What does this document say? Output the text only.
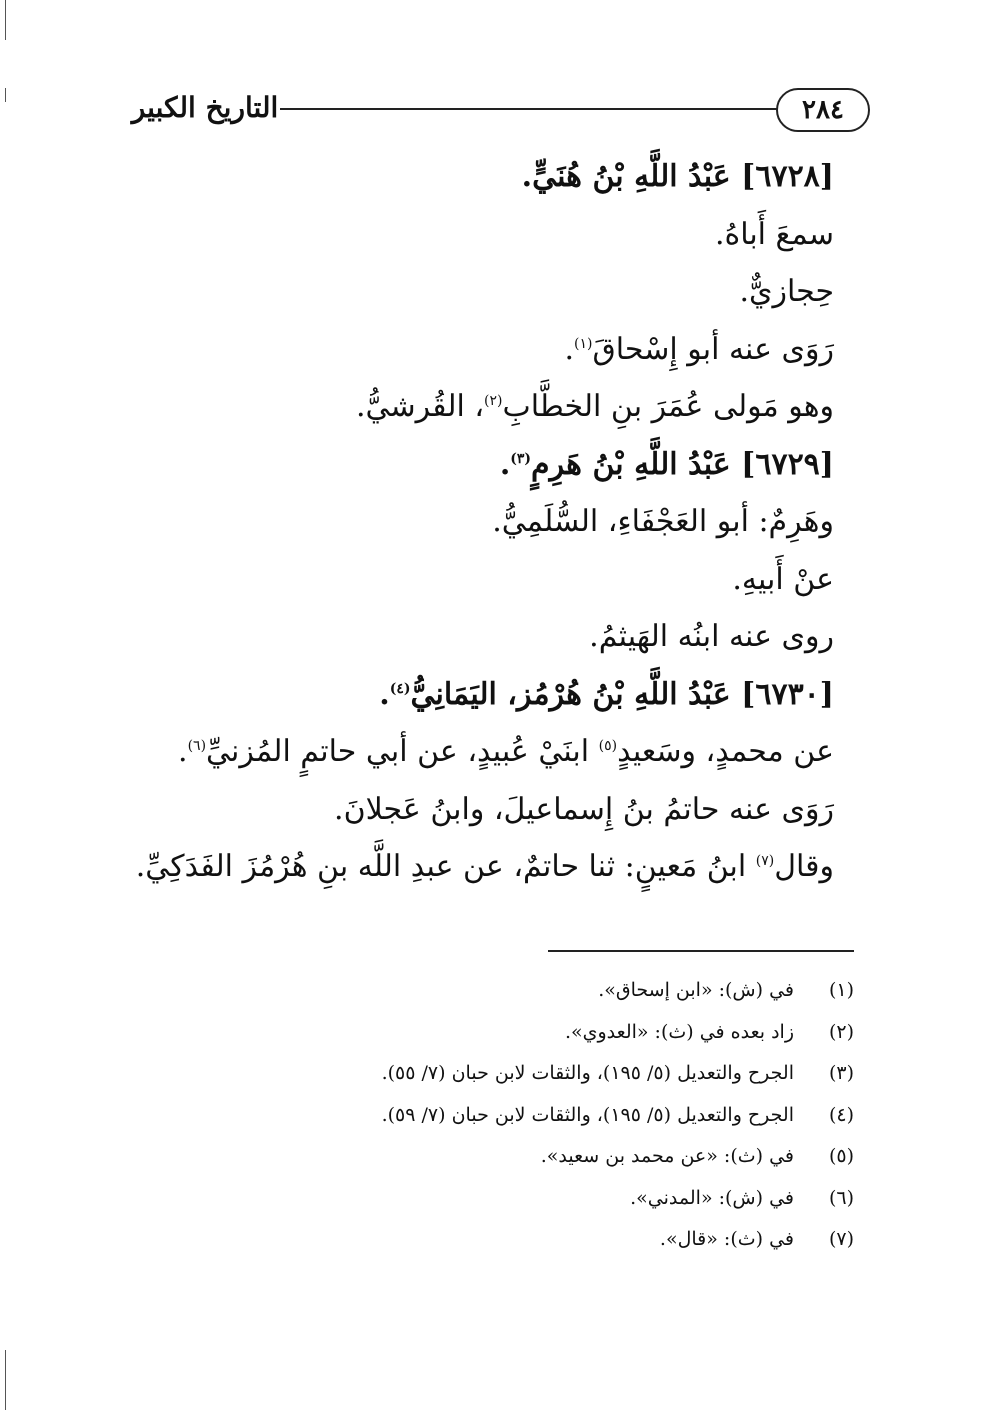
٢٨٤
التاريخ الكبير
[٦٧٢٨] عَبْدُ اللَّهِ بْنُ هُنَيٍّ.
سمعَ أَباهُ.
حِجازيٌّ.
رَوَى عنه أبو إِسْحاقَ$^{(١)}$.
وهو مَولى عُمَرَ بنِ الخطَّابِ$^{(٢)}$، القُرشيُّ.
[٦٧٢٩] عَبْدُ اللَّهِ بْنُ هَرِمٍ$^{(٣)}$.
وهَرِمٌ: أبو العَجْفَاءِ، السُّلَمِيُّ.
عنْ أَبيهِ.
روى عنه ابنُه الهَيثمُ.
[٦٧٣٠] عَبْدُ اللَّهِ بْنُ هُرْمُز، اليَمَانِيُّ$^{(٤)}$.
عن محمدٍ، وسَعيدٍ$^{(٥)}$ ابنَيْ عُبيدٍ، عن أبي حاتمٍ المُزنيِّ$^{(٦)}$.
رَوَى عنه حاتمُ بنُ إِسماعيلَ، وابنُ عَجلانَ.
وقال$^{(٧)}$ ابنُ مَعينٍ: ثنا حاتمٌ، عن عبدِ اللَّه بنِ هُرْمُزَ الفَدَكِيِّ.
(١)في (ش): «ابن إسحاق».
(٢)زاد بعده في (ث): «العدوي».
(٣)الجرح والتعديل (٥/ ١٩٥)، والثقات لابن حبان (٧/ ٥٥).
(٤)الجرح والتعديل (٥/ ١٩٥)، والثقات لابن حبان (٧/ ٥٩).
(٥)في (ث): «عن محمد بن سعيد».
(٦)في (ش): «المدني».
(٧)في (ث): «قال».
